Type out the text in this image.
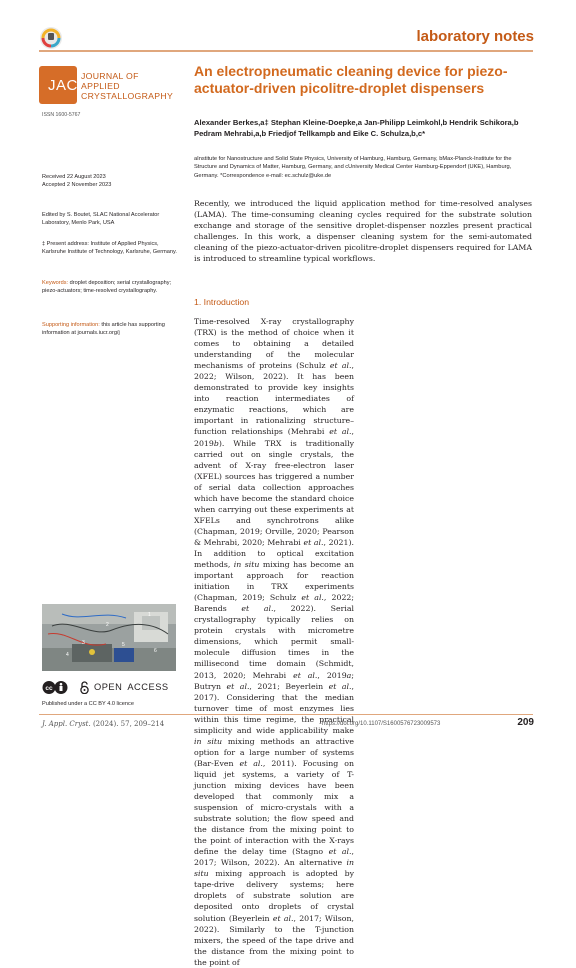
laboratory notes
Appl Cryst
JAC
JOURNAL OF
APPLIED
CRYSTALLOGRAPHY
ISSN 1600-5767
An electropneumatic cleaning device for piezo-actuator-driven picolitre-droplet dispensers
Alexander Berkes,a‡ Stephan Kleine-Doepke,a Jan-Philipp Leimkohl,b Hendrik Schikora,b Pedram Mehrabi,a,b Friedjof Tellkampb and Eike C. Schulza,b,c*
aInstitute for Nanostructure and Solid State Physics, University of Hamburg, Hamburg, Germany, bMax-Planck-Institute for the Structure and Dynamics of Matter, Hamburg, Germany, and cUniversity Medical Center Hamburg-Eppendorf (UKE), Hamburg, Germany. *Correspondence e-mail: ec.schulz@uke.de
Received 22 August 2023
Accepted 2 November 2023
Edited by S. Boutet, SLAC National Accelerator Laboratory, Menlo Park, USA
‡ Present address: Institute of Applied Physics, Karlsruhe Institute of Technology, Karlsruhe, Germany.
Keywords: droplet deposition; serial crystallography; piezo-actuators; time-resolved crystallography.
Supporting information: this article has supporting information at journals.iucr.org/j
1
2
3
4
5
6
cc	OPEN ACCESS
Published under a CC BY 4.0 licence
Recently, we introduced the liquid application method for time-resolved analyses (LAMA). The time-consuming cleaning cycles required for the substrate solution exchange and storage of the sensitive droplet-dispenser nozzles present practical challenges. In this work, a dispenser cleaning system for the semi-automated cleaning of the piezo-actuator-driven picolitre-droplet dispensers required for LAMA is introduced to streamline typical workflows.
1. Introduction

Time-resolved X-ray crystallography (TRX) is the method of choice when it comes to obtaining a detailed understanding of the molecular mechanisms of proteins (Schulz et al., 2022; Wilson, 2022). It has been demonstrated to provide key insights into reaction intermediates of enzymatic reactions, which are important in rationalizing structure–function relationships (Mehrabi et al., 2019b). While TRX is traditionally carried out on single crystals, the advent of X-ray free-electron laser (XFEL) sources has triggered a number of serial data collection approaches which have become the standard choice when carrying out these experiments at XFELs and synchrotrons alike (Chapman, 2019; Orville, 2020; Pearson & Mehrabi, 2020; Mehrabi et al., 2021). In addition to optical excitation methods, in situ mixing has become an important approach for reaction initiation in TRX experiments (Chapman, 2019; Schulz et al., 2022; Barends et al., 2022). Serial crystallography typically relies on protein crystals with micrometre dimensions, which permit small-molecule diffusion times in the millisecond time domain (Schmidt, 2013, 2020; Mehrabi et al., 2019a; Butryn et al., 2021; Beyerlein et al., 2017). Considering that the median turnover time of most enzymes lies within this time regime, the practical simplicity and wide applicability make in situ mixing methods an attractive option for a large number of systems (Bar-Even et al., 2011). Focusing on liquid jet systems, a variety of T-junction mixing devices have been developed that commonly mix a suspension of micro-crystals with a substrate solution; the flow speed and the distance from the mixing point to the point of interaction with the X-rays define the delay time (Stagno et al., 2017; Wilson, 2022). An alternative in situ mixing approach is adopted by tape-drive delivery systems; here droplets of substrate solution are deposited onto droplets of crystal solution (Beyerlein et al., 2017; Wilson, 2022). Similarly to the T-junction mixers, the speed of the tape drive and the distance from the mixing point to the point of

J. Appl. Cryst. (2024). 57, 209–214	https://doi.org/10.1107/S1600576723009573	209
